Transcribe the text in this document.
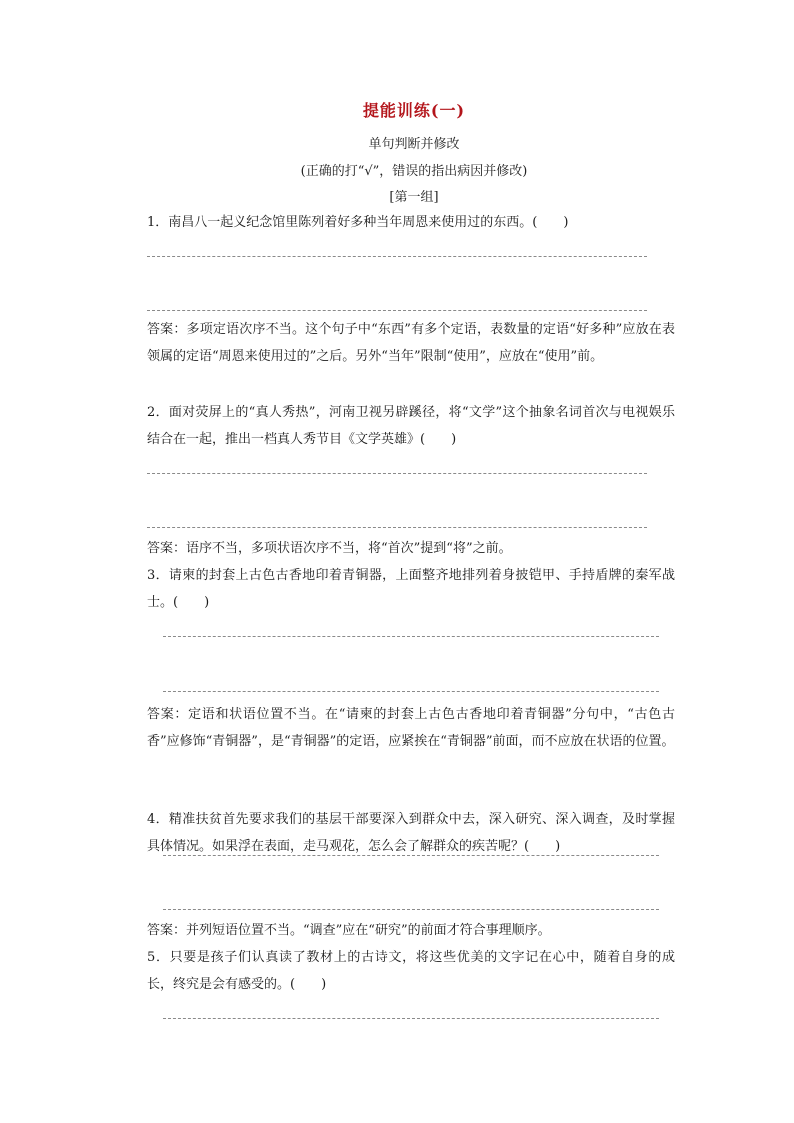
提能训练(一)
单句判断并修改
(正确的打“√”，错误的指出病因并修改)
[第一组]
1．南昌八一起义纪念馆里陈列着好多种当年周恩来使用过的东西。(　　)
答案：多项定语次序不当。这个句子中“东西”有多个定语，表数量的定语“好多种”应放在表领属的定语“周恩来使用过的”之后。另外“当年”限制“使用”，应放在“使用”前。
2．面对荧屏上的“真人秀热”，河南卫视另辟蹊径，将“文学”这个抽象名词首次与电视娱乐结合在一起，推出一档真人秀节目《文学英雄》(　　)
答案：语序不当，多项状语次序不当，将“首次”提到“将”之前。
3．请柬的封套上古色古香地印着青铜器，上面整齐地排列着身披铠甲、手持盾牌的秦军战士。(　　)
答案：定语和状语位置不当。在“请柬的封套上古色古香地印着青铜器”分句中，“古色古香”应修饰“青铜器”，是“青铜器”的定语，应紧挨在“青铜器”前面，而不应放在状语的位置。
4．精准扶贫首先要求我们的基层干部要深入到群众中去，深入研究、深入调查，及时掌握具体情况。如果浮在表面，走马观花，怎么会了解群众的疾苦呢？(　　)
答案：并列短语位置不当。“调查”应在“研究”的前面才符合事理顺序。
5．只要是孩子们认真读了教材上的古诗文，将这些优美的文字记在心中，随着自身的成长，终究是会有感受的。(　　)
